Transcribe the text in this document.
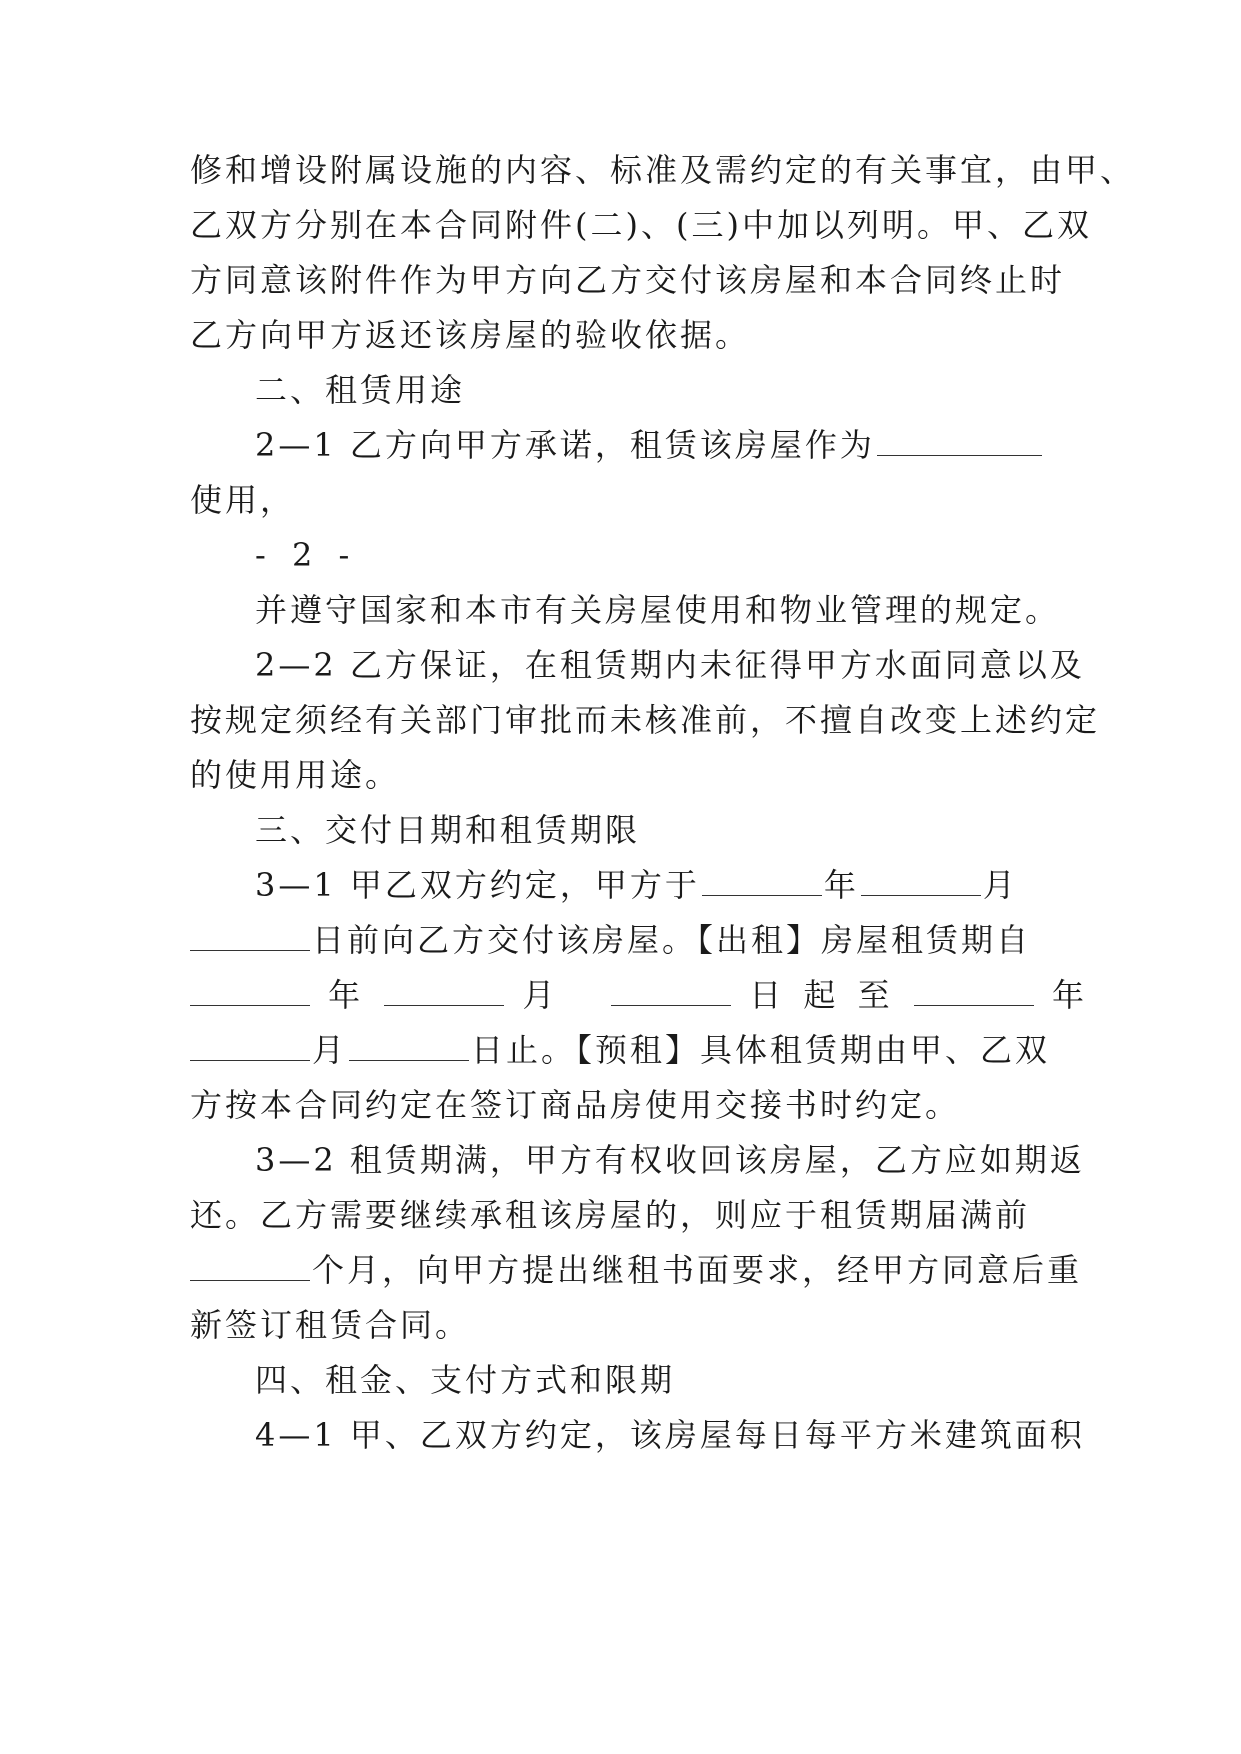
修和增设附属设施的内容、标准及需约定的有关事宜，由甲、
乙双方分别在本合同附件(二)、(三)中加以列明。甲、乙双
方同意该附件作为甲方向乙方交付该房屋和本合同终止时
乙方向甲方返还该房屋的验收依据。
二、租赁用途
2—1 乙方向甲方承诺，租赁该房屋作为
使用，
- 2 -
并遵守国家和本市有关房屋使用和物业管理的规定。
2—2 乙方保证，在租赁期内未征得甲方水面同意以及
按规定须经有关部门审批而未核准前，不擅自改变上述约定
的使用用途。
三、交付日期和租赁期限
3—1 甲乙双方约定，甲方于	年	月
日前向乙方交付该房屋。【出租】房屋租赁期自
年	月	日 起 至	年
月	日止。【预租】具体租赁期由甲、乙双
方按本合同约定在签订商品房使用交接书时约定。
3—2 租赁期满，甲方有权收回该房屋，乙方应如期返
还。乙方需要继续承租该房屋的，则应于租赁期届满前
个月，向甲方提出继租书面要求，经甲方同意后重
新签订租赁合同。
四、租金、支付方式和限期
4—1 甲、乙双方约定，该房屋每日每平方米建筑面积
